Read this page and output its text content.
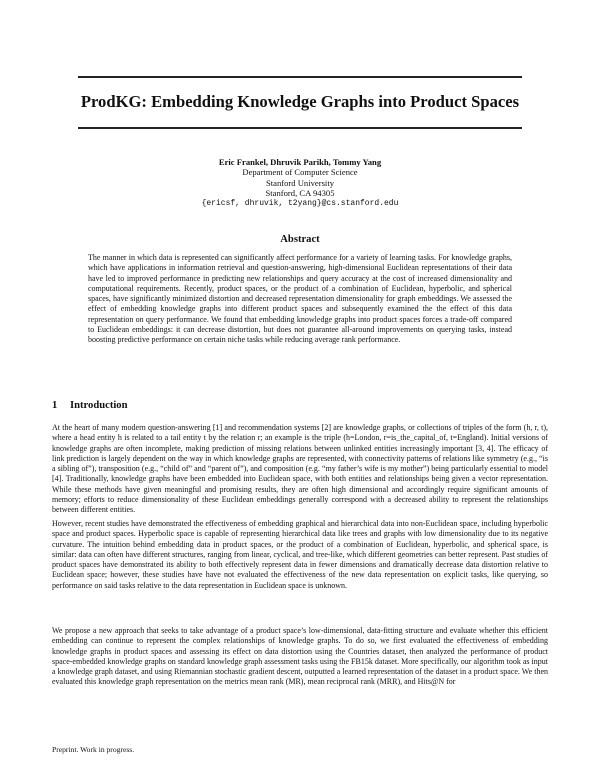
ProdKG: Embedding Knowledge Graphs into Product Spaces
Eric Frankel, Dhruvik Parikh, Tommy Yang
Department of Computer Science
Stanford University
Stanford, CA 94305
{ericsf, dhruvik, t2yang}@cs.stanford.edu
Abstract
The manner in which data is represented can significantly affect performance for a variety of learning tasks. For knowledge graphs, which have applications in information retrieval and question-answering, high-dimensional Euclidean representations of their data have led to improved performance in predicting new relationships and query accuracy at the cost of increased dimensionality and computational requirements. Recently, product spaces, or the product of a combination of Euclidean, hyperbolic, and spherical spaces, have significantly minimized distortion and decreased representation dimensionality for graph embeddings. We assessed the effect of embedding knowledge graphs into different product spaces and subsequently examined the the effect of this data representation on query performance. We found that embedding knowledge graphs into product spaces forces a trade-off compared to Euclidean embeddings: it can decrease distortion, but does not guarantee all-around improvements on querying tasks, instead boosting predictive performance on certain niche tasks while reducing average rank performance.
1 Introduction

At the heart of many modern question-answering [1] and recommendation systems [2] are knowledge graphs, or collections of triples of the form (h, r, t), where a head entity h is related to a tail entity t by the relation r; an example is the triple (h=London, r=is_the_capital_of, t=England). Initial versions of knowledge graphs are often incomplete, making prediction of missing relations between unlinked entities increasingly important [3, 4]. The efficacy of link prediction is largely dependent on the way in which knowledge graphs are represented, with connectivity patterns of relations like symmetry (e.g., “is a sibling of”), transposition (e.g., “child of” and “parent of”), and composition (e.g. “my father’s wife is my mother”) being particularly essential to model [4]. Traditionally, knowledge graphs have been embedded into Euclidean space, with both entities and relationships being given a vector representation. While these methods have given meaningful and promising results, they are often high dimensional and accordingly require significant amounts of memory; efforts to reduce dimensionality of these Euclidean embeddings generally correspond with a decreased ability to represent the relationships between different entities.

However, recent studies have demonstrated the effectiveness of embedding graphical and hierarchical data into non-Euclidean space, including hyperbolic space and product spaces. Hyperbolic space is capable of representing hierarchical data like trees and graphs with low dimensionality due to its negative curvature. The intuition behind embedding data in product spaces, or the product of a combination of Euclidean, hyperbolic, and spherical space, is similar: data can often have different structures, ranging from linear, cyclical, and tree-like, which different geometries can better represent. Past studies of product spaces have demonstrated its ability to both effectively represent data in fewer dimensions and dramatically decrease data distortion relative to Euclidean space; however, these studies have have not evaluated the effectiveness of the new data representation on explicit tasks, like querying, so performance on said tasks relative to the data representation in Euclidean space is unknown.

We propose a new approach that seeks to take advantage of a product space’s low-dimensional, data-fitting structure and evaluate whether this efficient embedding can continue to represent the complex relationships of knowledge graphs. To do so, we first evaluated the effectiveness of embedding knowledge graphs in product spaces and assessing its effect on data distortion using the Countries dataset, then analyzed the performance of product space-embedded knowledge graphs on standard knowledge graph assessment tasks using the FB15k dataset. More specifically, our algorithm took as input a knowledge graph dataset, and using Riemannian stochastic gradient descent, outputted a learned representation of the dataset in a product space. We then evaluated this knowledge graph representation on the metrics mean rank (MR), mean reciprocal rank (MRR), and Hits@N for

Preprint. Work in progress.
